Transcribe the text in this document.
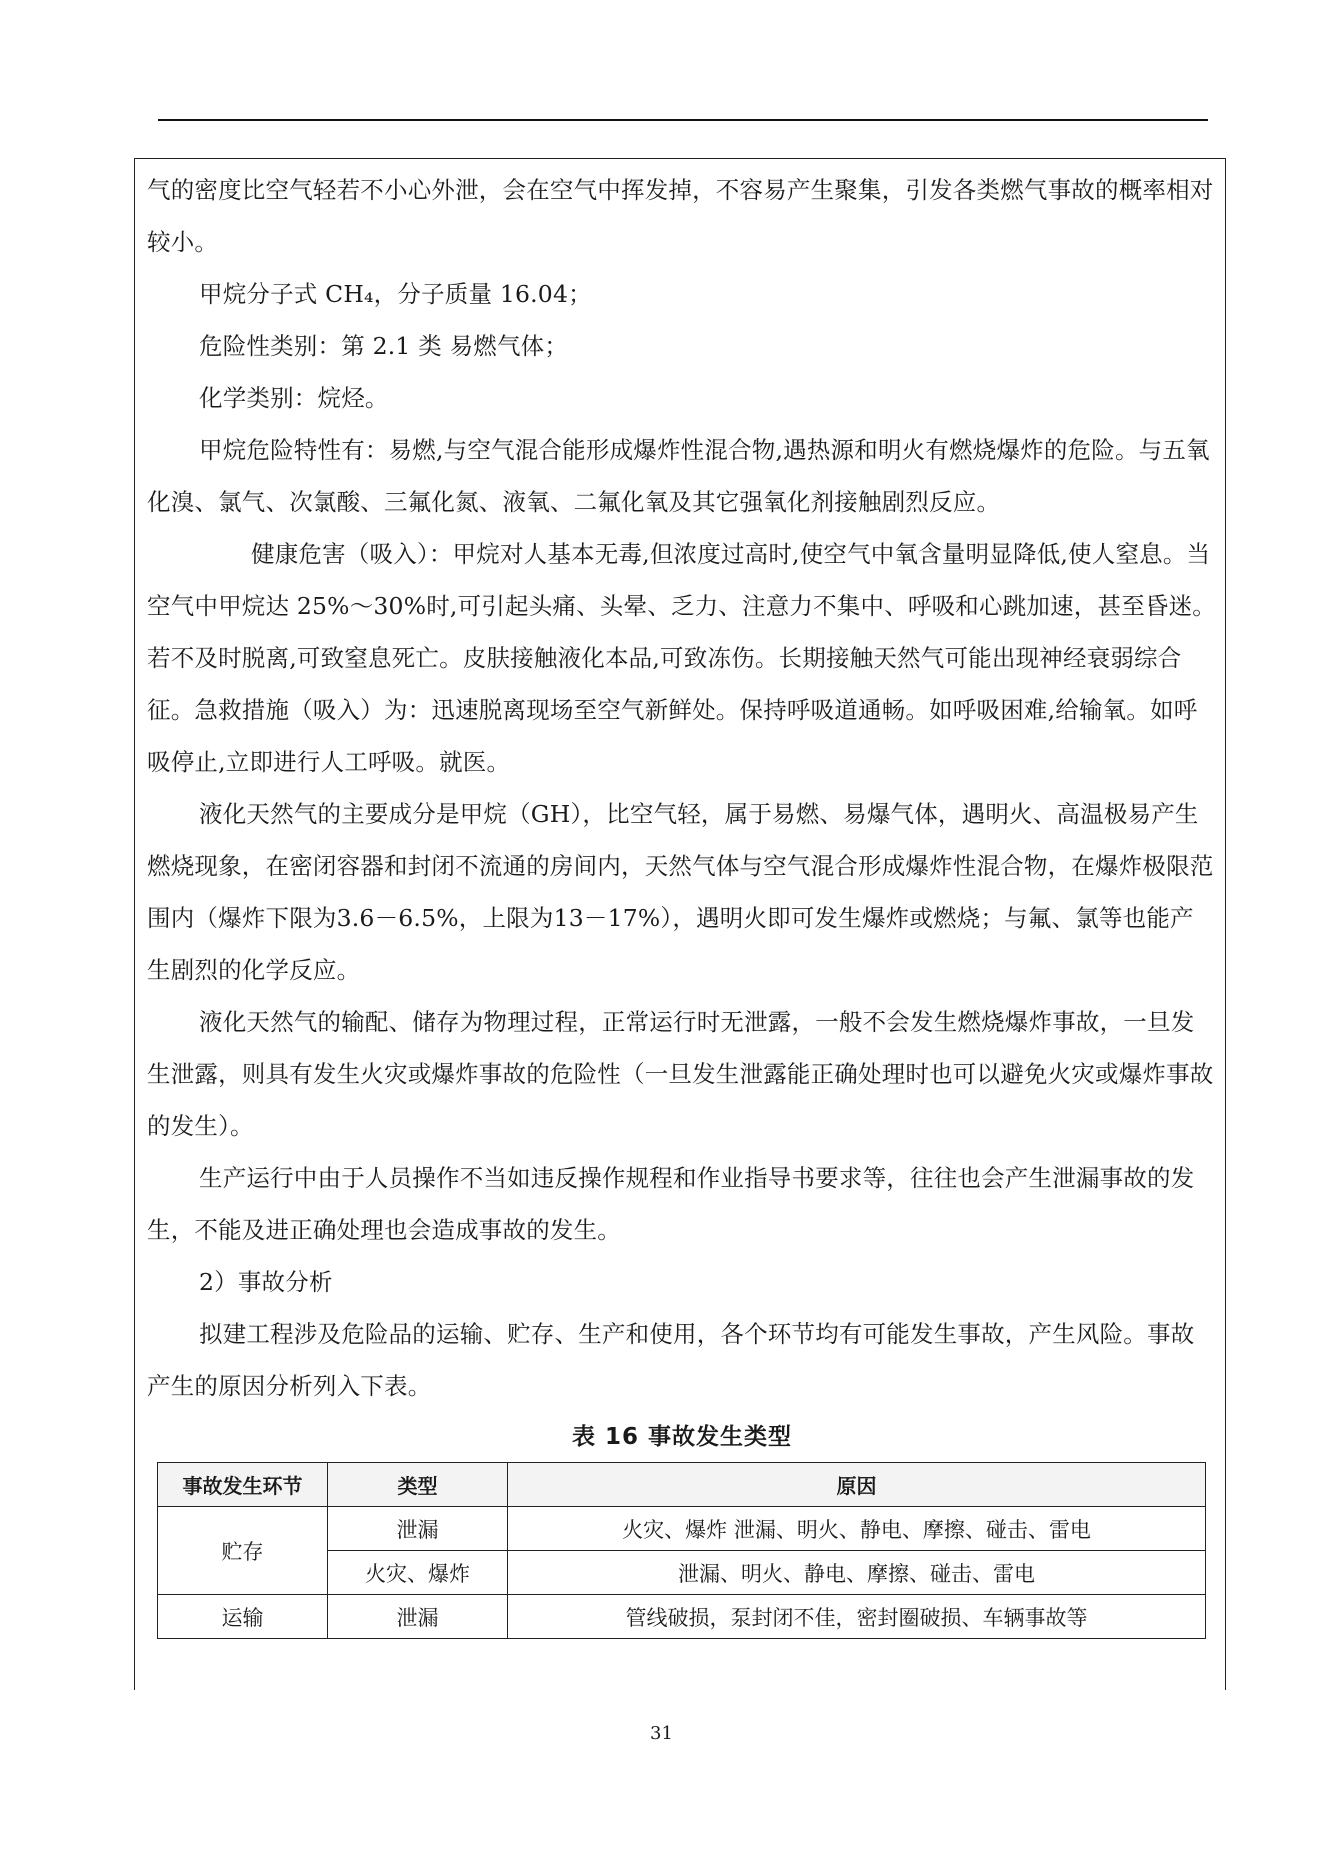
气的密度比空气轻若不小心外泄，会在空气中挥发掉，不容易产生聚集，引发各类燃气事故的概率相对较小。

甲烷分子式 CH₄，分子质量 16.04；

危险性类别：第 2.1 类 易燃气体；

化学类别：烷烃。

甲烷危险特性有：易燃,与空气混合能形成爆炸性混合物,遇热源和明火有燃烧爆炸的危险。与五氧化溴、氯气、次氯酸、三氟化氮、液氧、二氟化氧及其它强氧化剂接触剧烈反应。

健康危害（吸入）：甲烷对人基本无毒,但浓度过高时,使空气中氧含量明显降低,使人窒息。当空气中甲烷达 25%～30%时,可引起头痛、头晕、乏力、注意力不集中、呼吸和心跳加速，甚至昏迷。若不及时脱离,可致窒息死亡。皮肤接触液化本品,可致冻伤。长期接触天然气可能出现神经衰弱综合征。急救措施（吸入）为：迅速脱离现场至空气新鲜处。保持呼吸道通畅。如呼吸困难,给输氧。如呼吸停止,立即进行人工呼吸。就医。

液化天然气的主要成分是甲烷（GH），比空气轻，属于易燃、易爆气体，遇明火、高温极易产生燃烧现象，在密闭容器和封闭不流通的房间内，天然气体与空气混合形成爆炸性混合物，在爆炸极限范围内（爆炸下限为3.6－6.5%，上限为13－17%），遇明火即可发生爆炸或燃烧；与氟、氯等也能产生剧烈的化学反应。

液化天然气的输配、储存为物理过程，正常运行时无泄露，一般不会发生燃烧爆炸事故，一旦发生泄露，则具有发生火灾或爆炸事故的危险性（一旦发生泄露能正确处理时也可以避免火灾或爆炸事故的发生）。

生产运行中由于人员操作不当如违反操作规程和作业指导书要求等，往往也会产生泄漏事故的发生，不能及进正确处理也会造成事故的发生。

2）事故分析

拟建工程涉及危险品的运输、贮存、生产和使用，各个环节均有可能发生事故，产生风险。事故产生的原因分析列入下表。

表 16 事故发生类型
事故发生环节	类型	原因
贮存	泄漏	火灾、爆炸 泄漏、明火、静电、摩擦、碰击、雷电
	火灾、爆炸	泄漏、明火、静电、摩擦、碰击、雷电
运输	泄漏	管线破损，泵封闭不佳，密封圈破损、车辆事故等
31
